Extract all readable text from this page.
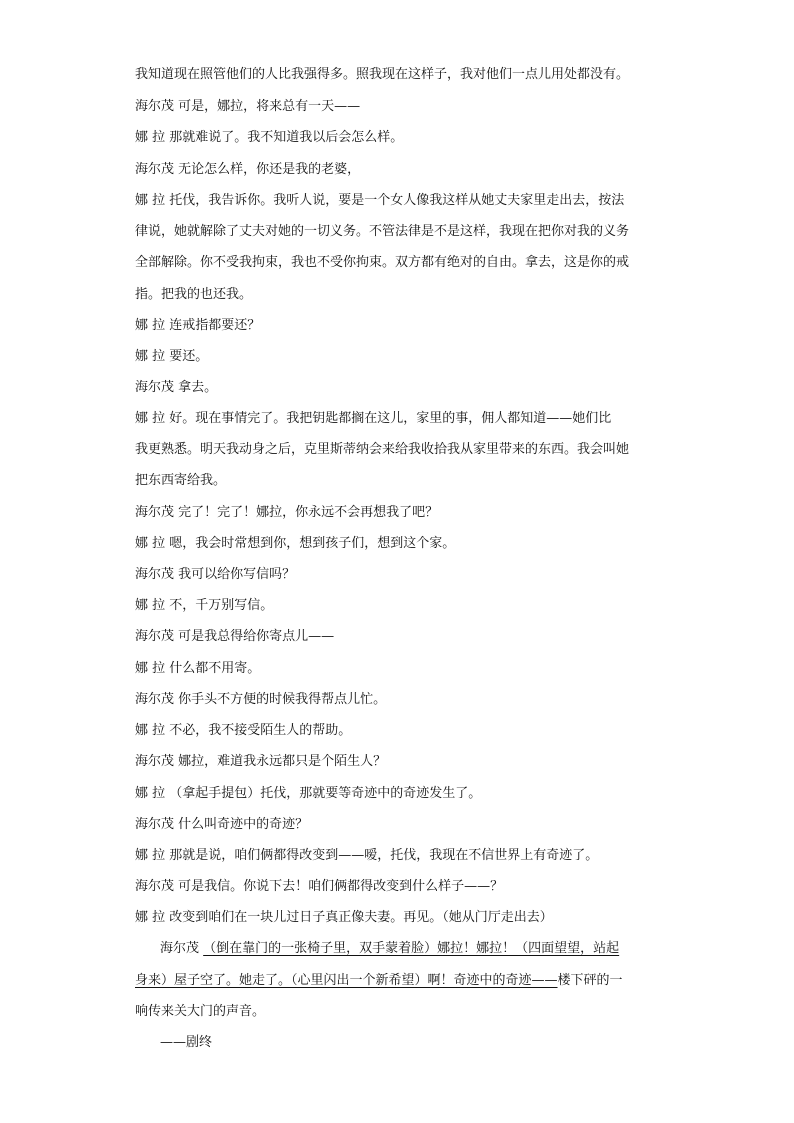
我知道现在照管他们的人比我强得多。照我现在这样子，我对他们一点儿用处都没有。
海尔茂 可是，娜拉，将来总有一天——
娜 拉 那就难说了。我不知道我以后会怎么样。
海尔茂 无论怎么样，你还是我的老婆，
娜 拉 托伐，我告诉你。我听人说，要是一个女人像我这样从她丈夫家里走出去，按法
律说，她就解除了丈夫对她的一切义务。不管法律是不是这样，我现在把你对我的义务
全部解除。你不受我拘束，我也不受你拘束。双方都有绝对的自由。拿去，这是你的戒
指。把我的也还我。
娜 拉 连戒指都要还？
娜 拉 要还。
海尔茂 拿去。
娜 拉 好。现在事情完了。我把钥匙都搁在这儿，家里的事，佣人都知道——她们比
我更熟悉。明天我动身之后，克里斯蒂纳会来给我收拾我从家里带来的东西。我会叫她
把东西寄给我。
海尔茂 完了！完了！娜拉，你永远不会再想我了吧？
娜 拉 嗯，我会时常想到你，想到孩子们，想到这个家。
海尔茂 我可以给你写信吗？
娜 拉 不，千万别写信。
海尔茂 可是我总得给你寄点儿——
娜 拉 什么都不用寄。
海尔茂 你手头不方便的时候我得帮点儿忙。
娜 拉 不必，我不接受陌生人的帮助。
海尔茂 娜拉，难道我永远都只是个陌生人？
娜 拉 （拿起手提包）托伐，那就要等奇迹中的奇迹发生了。
海尔茂 什么叫奇迹中的奇迹？
娜 拉 那就是说，咱们俩都得改变到——嗳，托伐，我现在不信世界上有奇迹了。
海尔茂 可是我信。你说下去！咱们俩都得改变到什么样子——？
娜 拉 改变到咱们在一块儿过日子真正像夫妻。再见。（她从门厅走出去）
海尔茂 （倒在靠门的一张椅子里，双手蒙着脸）娜拉！娜拉！（四面望望，站起
身来）屋子空了。她走了。（心里闪出一个新希望）啊！奇迹中的奇迹——楼下砰的一
响传来关大门的声音。
——剧终
